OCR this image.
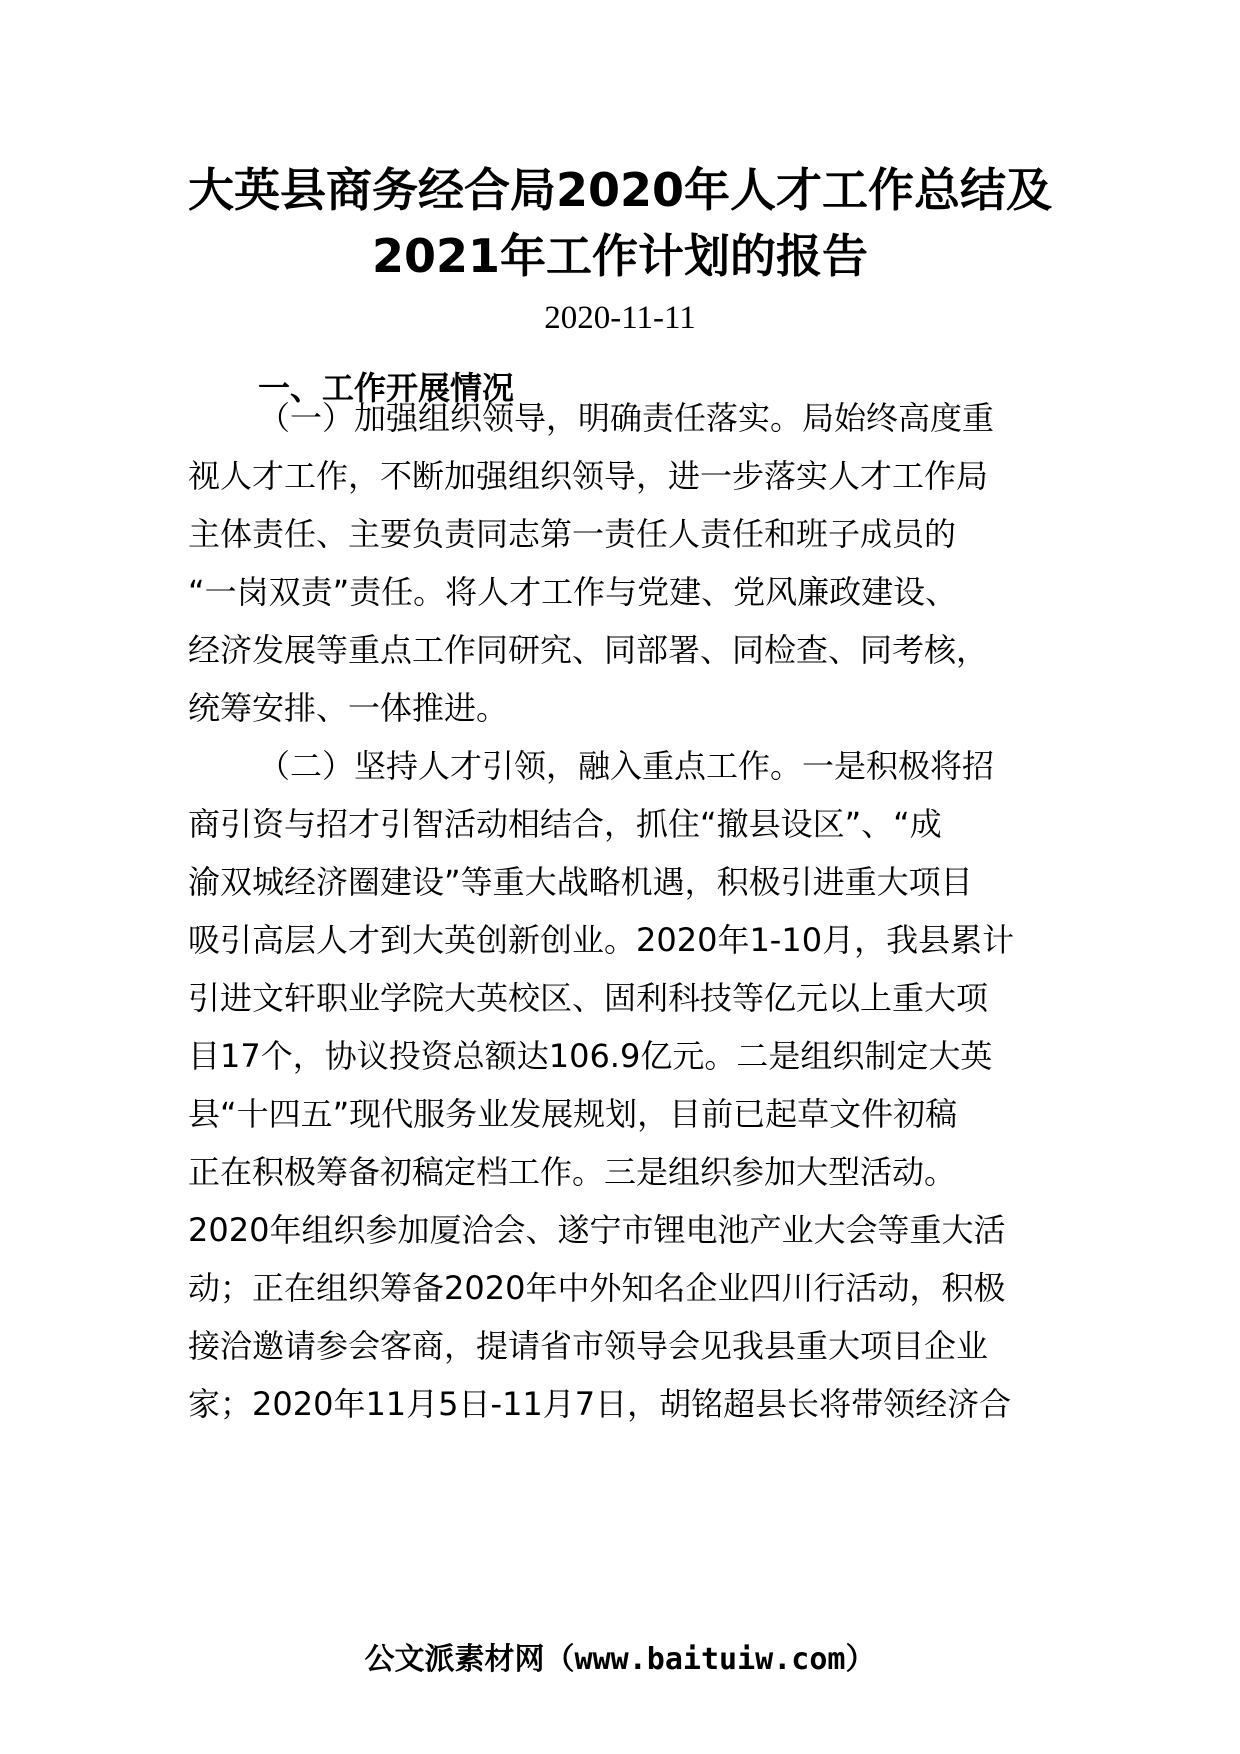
大英县商务经合局2020年人才工作总结及
2021年工作计划的报告
2020-11-11
一、工作开展情况
（一）加强组织领导，明确责任落实。局始终高度重
视人才工作，不断加强组织领导，进一步落实人才工作局
主体责任、主要负责同志第一责任人责任和班子成员的
“一岗双责”责任。将人才工作与党建、党风廉政建设、
经济发展等重点工作同研究、同部署、同检查、同考核，
统筹安排、一体推进。
（二）坚持人才引领，融入重点工作。一是积极将招
商引资与招才引智活动相结合，抓住“撤县设区”、“成
渝双城经济圈建设”等重大战略机遇，积极引进重大项目
吸引高层人才到大英创新创业。2020年1-10月，我县累计
引进文轩职业学院大英校区、固利科技等亿元以上重大项
目17个，协议投资总额达106.9亿元。二是组织制定大英
县“十四五”现代服务业发展规划，目前已起草文件初稿
正在积极筹备初稿定档工作。三是组织参加大型活动。
2020年组织参加厦洽会、遂宁市锂电池产业大会等重大活
动；正在组织筹备2020年中外知名企业四川行活动，积极
接洽邀请参会客商，提请省市领导会见我县重大项目企业
家；2020年11月5日-11月7日，胡铭超县长将带领经济合
公文派素材网（www.baituiw.com）
